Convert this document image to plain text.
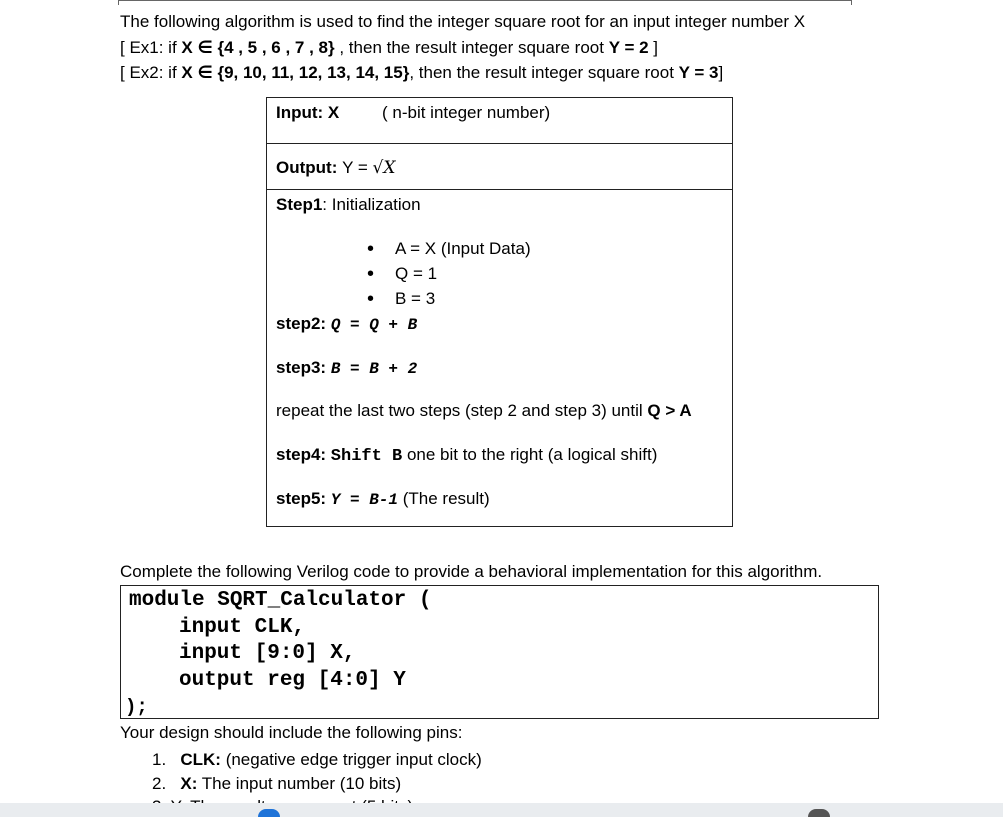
The following algorithm is used to find the integer square root for an input integer number X
[ Ex1: if X ∈ {4 , 5 , 6 , 7 , 8} , then the result integer square root Y = 2 ]
[ Ex2: if X ∈ {9, 10, 11, 12, 13, 14, 15}, then the result integer square root Y = 3]
Input: X	( n-bit integer number)
Output: Y = √X
Step1: Initialization
• A = X (Input Data)
• Q = 1
• B = 3
step2: Q = Q + B
step3: B = B + 2
repeat the last two steps (step 2 and step 3) until Q > A
step4: Shift B one bit to the right (a logical shift)
step5: Y = B-1 (The result)
Complete the following Verilog code to provide a behavioral implementation for this algorithm.
module SQRT_Calculator (
input CLK,
input [9:0] X,
output reg [4:0] Y
);
Your design should include the following pins:
1. CLK: (negative edge trigger input clock)
2. X: The input number (10 bits)
